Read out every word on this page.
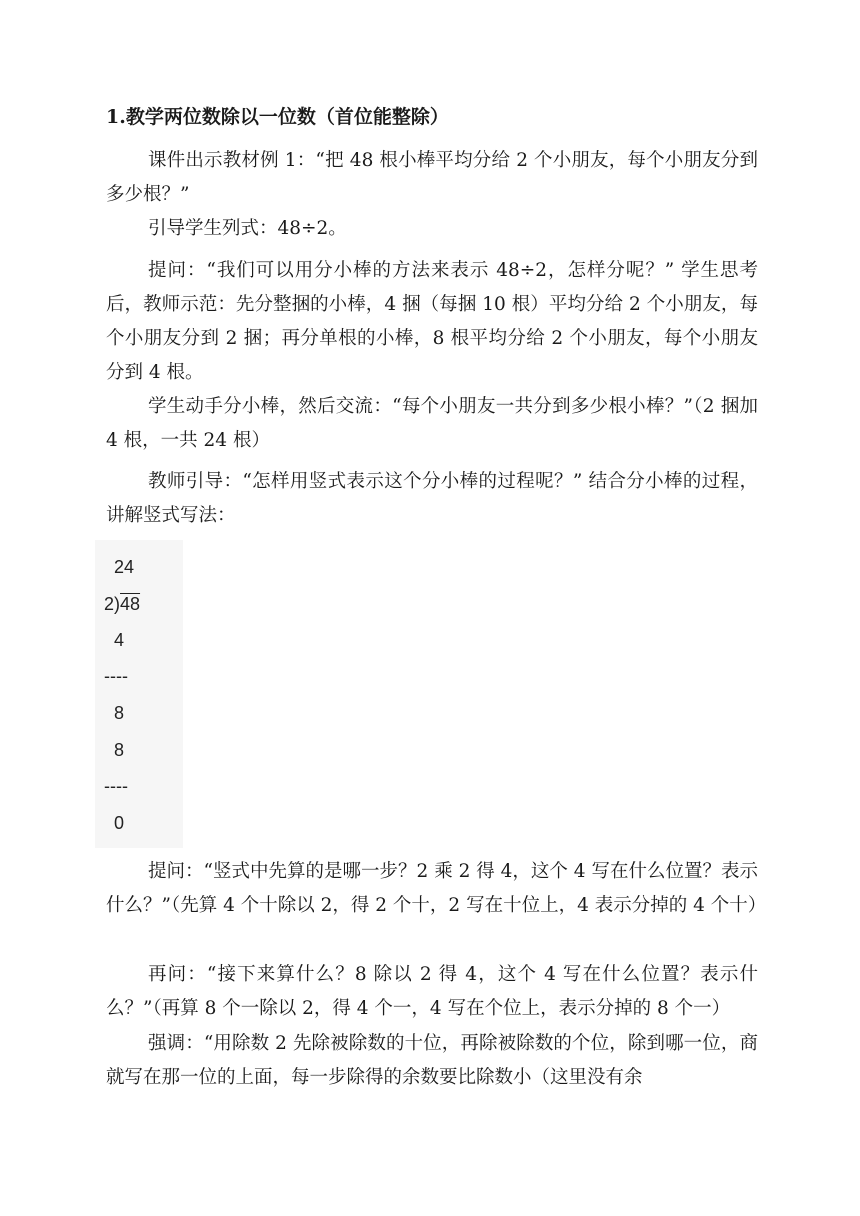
1.教学两位数除以一位数（首位能整除）

课件出示教材例 1：“把 48 根小棒平均分给 2 个小朋友，每个小朋友分到多少根？”

引导学生列式：48÷2。

提问：“我们可以用分小棒的方法来表示 48÷2，怎样分呢？” 学生思考后，教师示范：先分整捆的小棒，4 捆（每捆 10 根）平均分给 2 个小朋友，每个小朋友分到 2 捆；再分单根的小棒，8 根平均分给 2 个小朋友，每个小朋友分到 4 根。

学生动手分小棒，然后交流：“每个小朋友一共分到多少根小棒？”（2 捆加 4 根，一共 24 根）

教师引导：“怎样用竖式表示这个分小棒的过程呢？” 结合分小棒的过程，讲解竖式写法：

24
2)48
4
----
8
8
----
0

提问：“竖式中先算的是哪一步？2 乘 2 得 4，这个 4 写在什么位置？表示什么？”（先算 4 个十除以 2，得 2 个十，2 写在十位上，4 表示分掉的 4 个十）

再问：“接下来算什么？8 除以 2 得 4，这个 4 写在什么位置？表示什么？”（再算 8 个一除以 2，得 4 个一，4 写在个位上，表示分掉的 8 个一）

强调：“用除数 2 先除被除数的十位，再除被除数的个位，除到哪一位，商就写在那一位的上面，每一步除得的余数要比除数小（这里没有余
